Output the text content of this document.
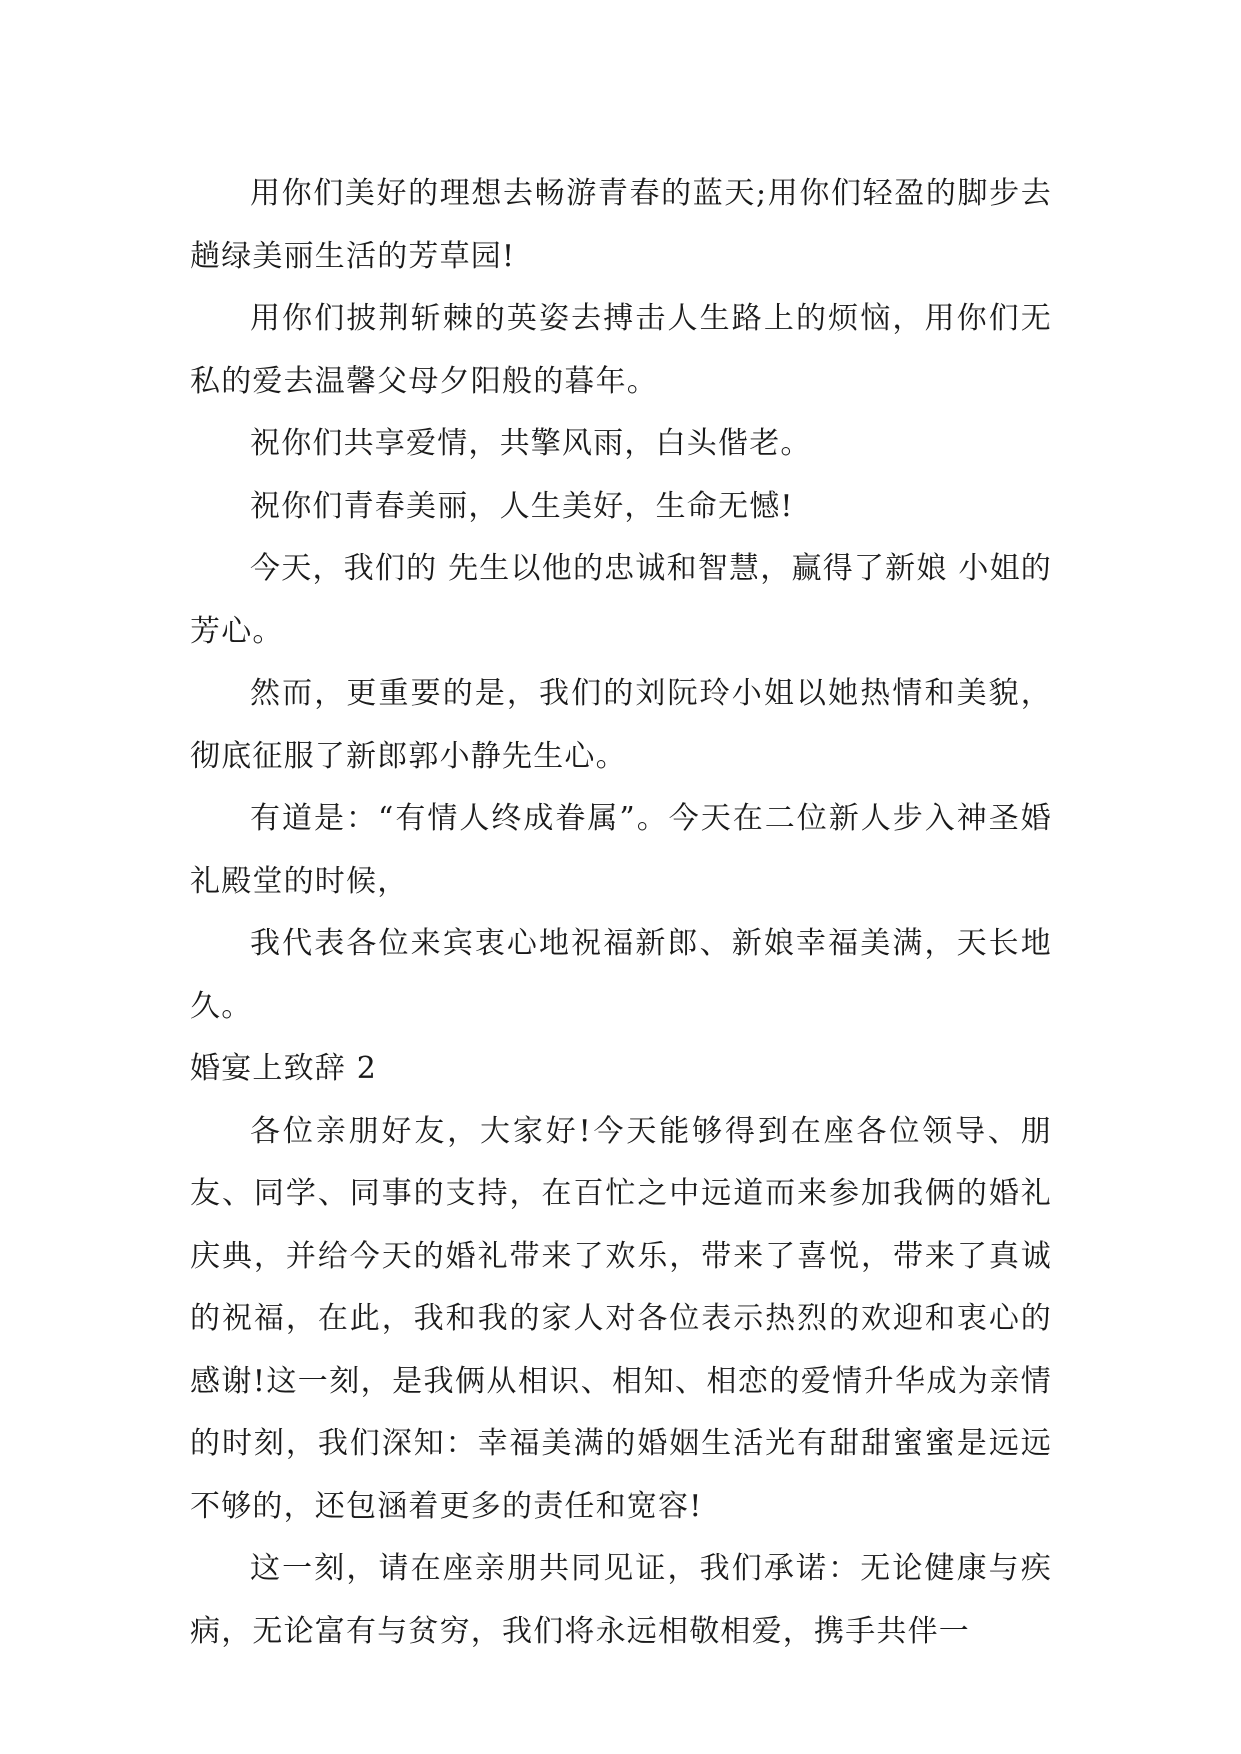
用你们美好的理想去畅游青春的蓝天;用你们轻盈的脚步去趟绿美丽生活的芳草园!

用你们披荆斩棘的英姿去搏击人生路上的烦恼，用你们无私的爱去温馨父母夕阳般的暮年。

祝你们共享爱情，共擎风雨，白头偕老。

祝你们青春美丽，人生美好，生命无憾!

今天，我们的 先生以他的忠诚和智慧，赢得了新娘 小姐的芳心。

然而，更重要的是，我们的刘阮玲小姐以她热情和美貌，彻底征服了新郎郭小静先生心。

有道是：“有情人终成眷属”。今天在二位新人步入神圣婚礼殿堂的时候，

我代表各位来宾衷心地祝福新郎、新娘幸福美满，天长地久。

婚宴上致辞 2

各位亲朋好友，大家好!今天能够得到在座各位领导、朋友、同学、同事的支持，在百忙之中远道而来参加我俩的婚礼庆典，并给今天的婚礼带来了欢乐，带来了喜悦，带来了真诚的祝福，在此，我和我的家人对各位表示热烈的欢迎和衷心的感谢!这一刻，是我俩从相识、相知、相恋的爱情升华成为亲情的时刻，我们深知：幸福美满的婚姻生活光有甜甜蜜蜜是远远不够的，还包涵着更多的责任和宽容!

这一刻，请在座亲朋共同见证，我们承诺：无论健康与疾病，无论富有与贫穷，我们将永远相敬相爱，携手共伴一
